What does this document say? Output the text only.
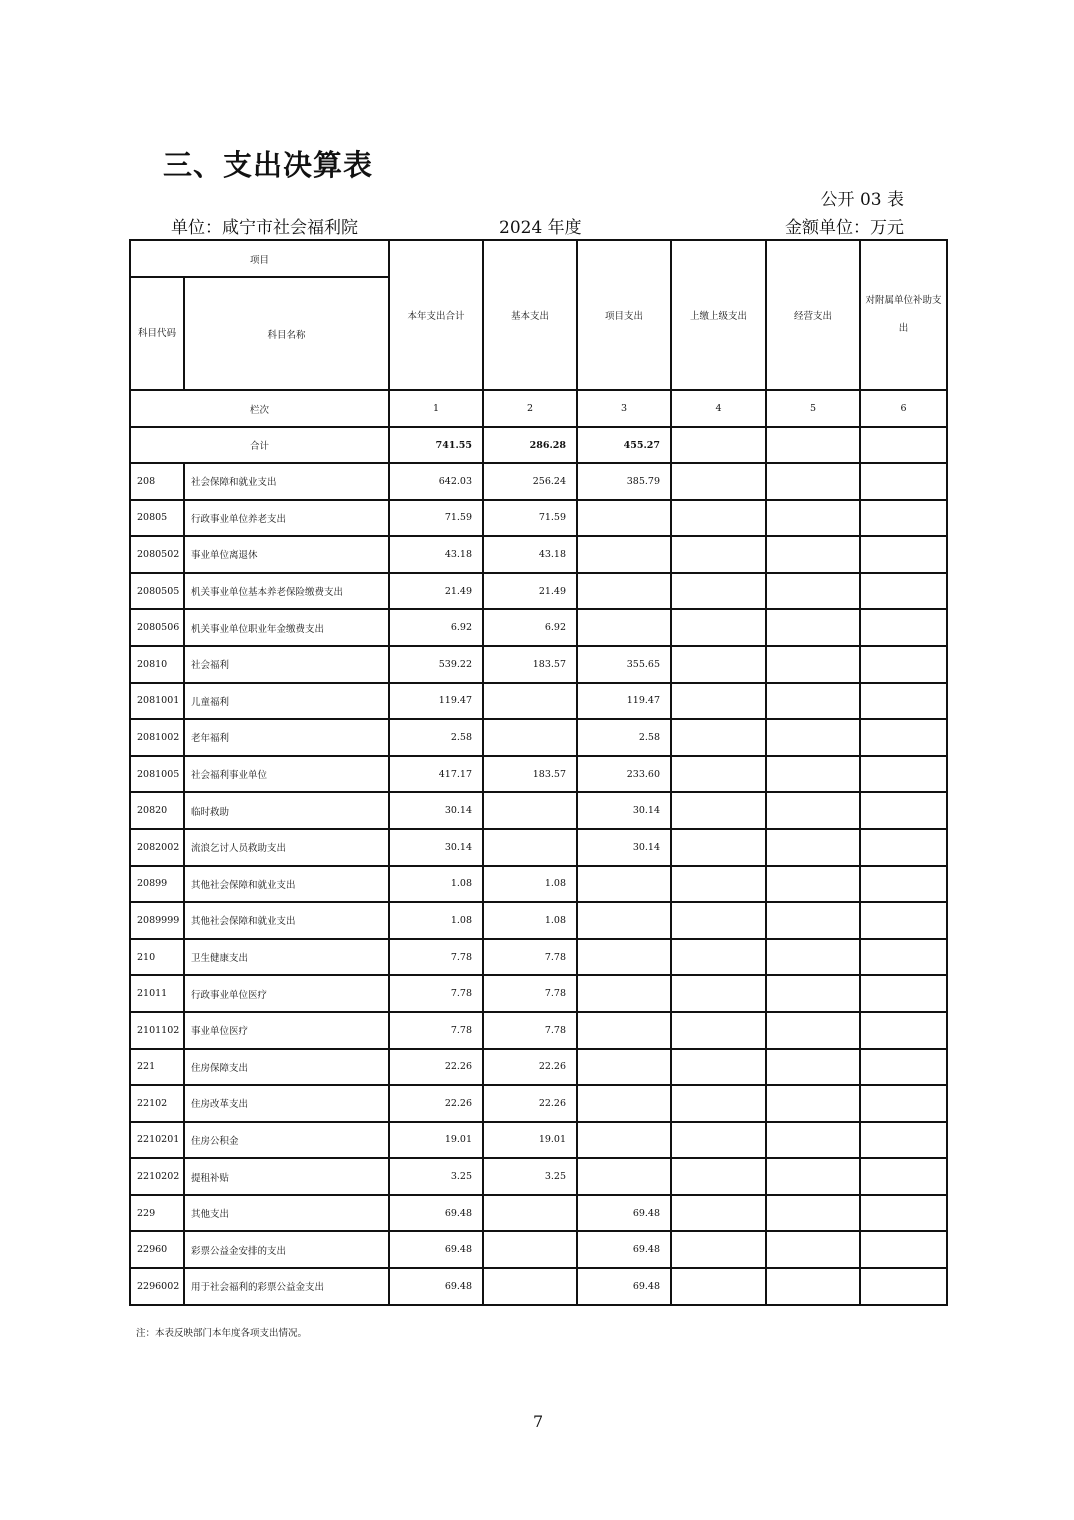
三、支出决算表
公开 03 表
单位：咸宁市社会福利院	2024 年度	金额单位：万元
项目		本年支出合计	基本支出	项目支出	上缴上级支出	经营支出	对附属单位补助支出
科目代码	科目名称						
栏次		1	2	3	4	5	6
合计		741.55	286.28	455.27			
208	社会保障和就业支出	642.03	256.24	385.79			
20805	行政事业单位养老支出	71.59	71.59				
2080502	事业单位离退休	43.18	43.18				
2080505	机关事业单位基本养老保险缴费支出	21.49	21.49				
2080506	机关事业单位职业年金缴费支出	6.92	6.92				
20810	社会福利	539.22	183.57	355.65			
2081001	儿童福利	119.47		119.47			
2081002	老年福利	2.58		2.58			
2081005	社会福利事业单位	417.17	183.57	233.60			
20820	临时救助	30.14		30.14			
2082002	流浪乞讨人员救助支出	30.14		30.14			
20899	其他社会保障和就业支出	1.08	1.08				
2089999	其他社会保障和就业支出	1.08	1.08				
210	卫生健康支出	7.78	7.78				
21011	行政事业单位医疗	7.78	7.78				
2101102	事业单位医疗	7.78	7.78				
221	住房保障支出	22.26	22.26				
22102	住房改革支出	22.26	22.26				
2210201	住房公积金	19.01	19.01				
2210202	提租补贴	3.25	3.25				
229	其他支出	69.48		69.48			
22960	彩票公益金安排的支出	69.48		69.48			
2296002	用于社会福利的彩票公益金支出	69.48		69.48			
注：本表反映部门本年度各项支出情况。
7
